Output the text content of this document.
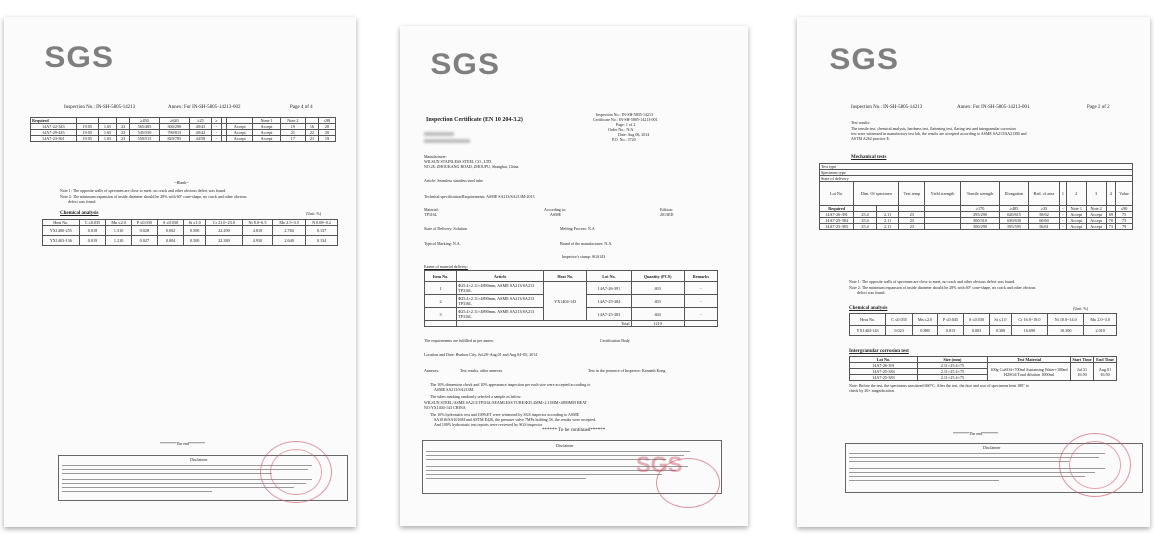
SGS
Inspection No.: IN-SH-5805-14213	Annex: For IN-SH-5805-14213-002	Page 4 of 4
Required				≥450	≥620	≥25	≥			None 1	Note 2		≤98
14A7-22-343	19.05	1.65	23	565/485	300/290	40/43	-		Accept	Accept	19	16	20
14A7-29-425	19.05	1.65	23	545/550	790/815	40/42	-		Accept	Accept	21	22	20
14A7-23-361	19.05	1.65	23	550/515	820/785	44/58	-		Accept	Accept	17	21	19
--Blank--
Note 1: The opposite walls of specimen are close to meet, no crack and other obvious defect was found.
Note 2: The minimum expansion of inside diameter should be 28% with 60° cone-shape, no crack and other obvious
defect was found.
Chemical analysis	(Unit: %)
Heat No.	C ≤0.035	Mn ≤2.0	P ≤0.030	S ≤0.030	Si ≤1.0	Cr 21.0~23.0	Ni 8.0~6.5	Mo 2.5~3.5	N 0.08~0.2
YX1400-255	0.018	1.310	0.028	0.002	0.500	22.290	4.810	2.760	0.137
YX1403-136	0.019	1.210	0.027	0.004	0.500	22.380	4.930	2.640	0.134
********The end********
Disclaimer
SGS
Inspection Certificate (EN 10 204-3.2)
Inspection No.: IN-SH-5805-14213
Certificate No.: IN-SH-5805-14213-001
Page: 1 of 2
Order No.: N/A
Date: Aug 06, 2014
P.O. No.: 3720
Manufacturer:
WILSUN STAINLESS STEEL CO., LTD.
NO.26. ZHOUKANG ROAD, ZHOUPU, Shanghai, China
Article: Seamless stainless steel tube
Technical specification/Requirements: ASME SA213/SA213M-2013
Material:
TP316L
According to:
ASME
Edition:
2013ED
State of Delivery: Solution	Melting Process: N.A
Typical Marking: N.A.	Brand of the manufacturer: N.A.
Inspector's stamp: SGS143
Extent of material delivery:
Item No.	Article	Heat No.	Lot No.	Quantity (PCS)	Remarks
1	Φ25.4×2.11×4890mm, ASME SA213/SA213 TP316L	YX1404-143	14A7-26-391	403	-
2	Φ25.4×2.11×4890mm, ASME SA213/SA213 TP316L		14A7-25-384	403	-
3	Φ25.4×2.11×4890mm, ASME SA213/SA213 TP316L		14A7-25-383	404	-
	Total			1210	
The requirements are fulfilled as per annex:	Certification Body
Location and Date: Huzhou City, Jul.28~Aug.01 and Aug.04~05, 2014
Annexes:	Test results, other annexes	Test in the presence of Inspector: Kenneth Kong
The 10% dimension check and 10% appearance inspection per each size were accepted according to
ASME SA213/SA213M.
The tubes marking randomly selected a sample as below:
WILSUN STEEL/ASME SA213/TP316L/SEAMLESS TUBE/Φ25.4MM×2.11MM×4890MM HEAT
NO:YX1404-143 CHINA
The 10% hydrostatic test and 100%ET were witnessed by SGS inspector according to ASME
SA1016/SA1016M and ASTM E426, the pressure valve 7MPa holding 5S, the results were accepted.
And 100% hydrostatic test reports were reviewed by SGS inspector.
****** To be continued******
Disclaimer
SGS
SGS
Inspection No.: IN-SH-5805-14213	Annex: For IN-SH-5805-14213-001	Page 2 of 2
Test results:
The tensile test, chemical analysis, hardness test, flattening test, flaring test and intergranular corrosion
test were witnessed in manufactory test lab, the results are accepted according to ASME SA213/SA213M and
ASTM A262 practice E.
Mechanical tests
Test type												
Specimen type												
State of delivery												
Lot No.	Dim. Of specimen		Test temp	Yield strength	Tensile strength	Elongation	Red. of area	1	2	3	4	Value
Required					≥170	≥485	≥35	-	Note 1	Note 2		≤90
14A7-26-391	25.4	2.11	23		295/290	620/615	58/62	-	Accept	Accept	69	75
14A7-25-384	25.4	2.11	23		300/310	630/630	60/60	-	Accept	Accept	70	73
14A7-25-383	25.4	2.11	23		300/290	595/595	56/61	-	Accept	Accept	73	79
Note 1: The opposite walls of specimen are close to meet, no crack and other obvious defect was found.
Note 2: The minimum expansion of inside diameter should be 28% with 60° cone-shape, no crack and other obvious
defect was found.
Chemical analysis	(Unit: %)
Heat No.	C ≤0.035	Mn ≤2.0	P ≤0.045	S ≤0.030	Si ≤1.0	Cr 16.0~18.0	Ni 10.0~14.0	Mo 2.0~3.0
YX1404-143	0.023	0.880	0.015	0.003	0.360	16.690	10.300	2.010
Intergranular corrosion test
Lot No.	Size (mm)	Test Material	Start Time	End Time
14A7-26-391	2.11×25.4×75	100g CuSO4+700ml Sustaining Water+100ml H2SO4 Total dilution 1000ml	Jul.31 16:50	Aug.01 16:50
14A7-25-384	2.11×25.4×75			
14A7-25-383	2.11×25.4×75			
Note: Before the test, the specimens sensitized 660°C. After the test, the face and root of specimens bent 180° to
check by 20× magnification.
********The end********
Disclaimer
